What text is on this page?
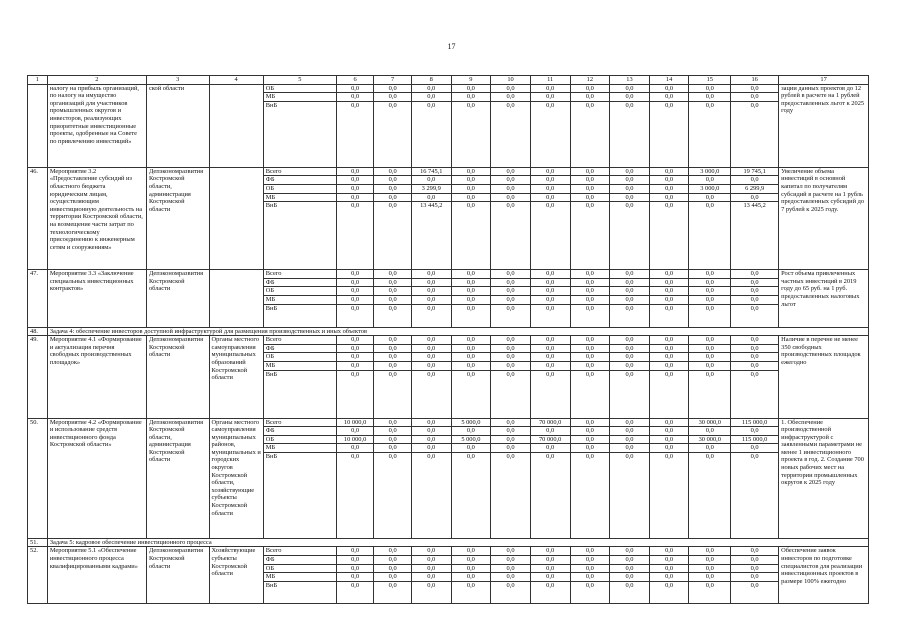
17
1	2	3	4	5	6	7	8	9	10	11	12	13	14	15	16	17
	налогу на прибыль организаций, по налогу на имущество организаций для участников промышленных округов и инвесторов, реализующих приоритетные инвестиционные проекты, одобренные на Совете по привлечению инвестиций»	ской области		ОБ	0,0	0,0	0,0	0,0	0,0	0,0	0,0	0,0	0,0	0,0	0,0	зации данных проектов до 12 рублей в расчете на 1 рублей предоставленных льгот к 2025 году
				МБ	0,0	0,0	0,0	0,0	0,0	0,0	0,0	0,0	0,0	0,0	0,0	
				ВнБ	0,0	0,0	0,0	0,0	0,0	0,0	0,0	0,0	0,0	0,0	0,0	
46.	Мероприятие 3.2 «Предоставление субсидий из областного бюджета юридическим лицам, осуществляющим инвестиционную деятельность на территории Костромской области, на возмещение части затрат по технологическому присоединению к инженерным сетям и сооружениям»	Депэкономразвития Костромской области, администрация Костромской области		Всего	0,0	0,0	16 745,1	0,0	0,0	0,0	0,0	0,0	0,0	3 000,0	19 745,1	Увеличение объема инвестиций в основной капитал по получателям субсидий в расчете на 1 рубль предоставленных субсидий до 7 рублей к 2025 году.
				ФБ	0,0	0,0	0,0	0,0	0,0	0,0	0,0	0,0	0,0	0,0	0,0	
				ОБ	0,0	0,0	3 299,9	0,0	0,0	0,0	0,0	0,0	0,0	3 000,0	6 299,9	
				МБ	0,0	0,0	0,0	0,0	0,0	0,0	0,0	0,0	0,0	0,0	0,0	
				ВнБ	0,0	0,0	13 445,2	0,0	0,0	0,0	0,0	0,0	0,0	0,0	13 445,2	
47.	Мероприятие 3.3 «Заключение специальных инвестиционных контрактов»	Депэкономразвития Костромской области		Всего	0,0	0,0	0,0	0,0	0,0	0,0	0,0	0,0	0,0	0,0	0,0	Рост объема привлеченных частных инвестиций в 2019 году до 65 руб. на 1 руб. предоставленных налоговых льгот
				ФБ	0,0	0,0	0,0	0,0	0,0	0,0	0,0	0,0	0,0	0,0	0,0	
				ОБ	0,0	0,0	0,0	0,0	0,0	0,0	0,0	0,0	0,0	0,0	0,0	
				МБ	0,0	0,0	0,0	0,0	0,0	0,0	0,0	0,0	0,0	0,0	0,0	
				ВнБ	0,0	0,0	0,0	0,0	0,0	0,0	0,0	0,0	0,0	0,0	0,0	
48.	Задача 4: обеспечение инвесторов доступной инфраструктурой для размещения производственных и иных объектов															
49.	Мероприятие 4.1 «Формирование и актуализация перечня свободных производственных площадок»	Депэкономразвития Костромской области	Органы местного самоуправления муниципальных образований Костромской области	Всего	0,0	0,0	0,0	0,0	0,0	0,0	0,0	0,0	0,0	0,0	0,0	Наличие в перечне не менее 350 свободных производственных площадок ежегодно
				ФБ	0,0	0,0	0,0	0,0	0,0	0,0	0,0	0,0	0,0	0,0	0,0	
				ОБ	0,0	0,0	0,0	0,0	0,0	0,0	0,0	0,0	0,0	0,0	0,0	
				МБ	0,0	0,0	0,0	0,0	0,0	0,0	0,0	0,0	0,0	0,0	0,0	
				ВнБ	0,0	0,0	0,0	0,0	0,0	0,0	0,0	0,0	0,0	0,0	0,0	
50.	Мероприятие 4.2 «Формирование и использование средств инвестиционного фонда Костромской области»	Депэкономразвития Костромской области, администрация Костромской области	Органы местного самоуправления муниципальных районов, муниципальных и городских округов Костромской области, хозяйствующие субъекты Костромской области	Всего	10 000,0	0,0	0,0	5 000,0	0,0	70 000,0	0,0	0,0	0,0	30 000,0	115 000,0	1. Обеспечение производственной инфраструктурой с заявленными параметрами не менее 1 инвестиционного проекта в год. 2. Создание 700 новых рабочих мест на территории промышленных округов к 2025 году
				ФБ	0,0	0,0	0,0	0,0	0,0	0,0	0,0	0,0	0,0	0,0	0,0	
				ОБ	10 000,0	0,0	0,0	5 000,0	0,0	70 000,0	0,0	0,0	0,0	30 000,0	115 000,0	
				МБ	0,0	0,0	0,0	0,0	0,0	0,0	0,0	0,0	0,0	0,0	0,0	
				ВнБ	0,0	0,0	0,0	0,0	0,0	0,0	0,0	0,0	0,0	0,0	0,0	
51.	Задача 5: кадровое обеспечение инвестиционного процесса															
52.	Мероприятие 5.1 «Обеспечение инвестиционного процесса квалифицированными кадрами»	Депэкономразвития Костромской области	Хозяйствующие субъекты Костромской области	Всего	0,0	0,0	0,0	0,0	0,0	0,0	0,0	0,0	0,0	0,0	0,0	Обеспечение заявок инвесторов по подготовке специалистов для реализации инвестиционных проектов в размере 100% ежегодно
				ФБ	0,0	0,0	0,0	0,0	0,0	0,0	0,0	0,0	0,0	0,0	0,0	
				ОБ	0,0	0,0	0,0	0,0	0,0	0,0	0,0	0,0	0,0	0,0	0,0	
				МБ	0,0	0,0	0,0	0,0	0,0	0,0	0,0	0,0	0,0	0,0	0,0	
				ВнБ	0,0	0,0	0,0	0,0	0,0	0,0	0,0	0,0	0,0	0,0	0,0	
